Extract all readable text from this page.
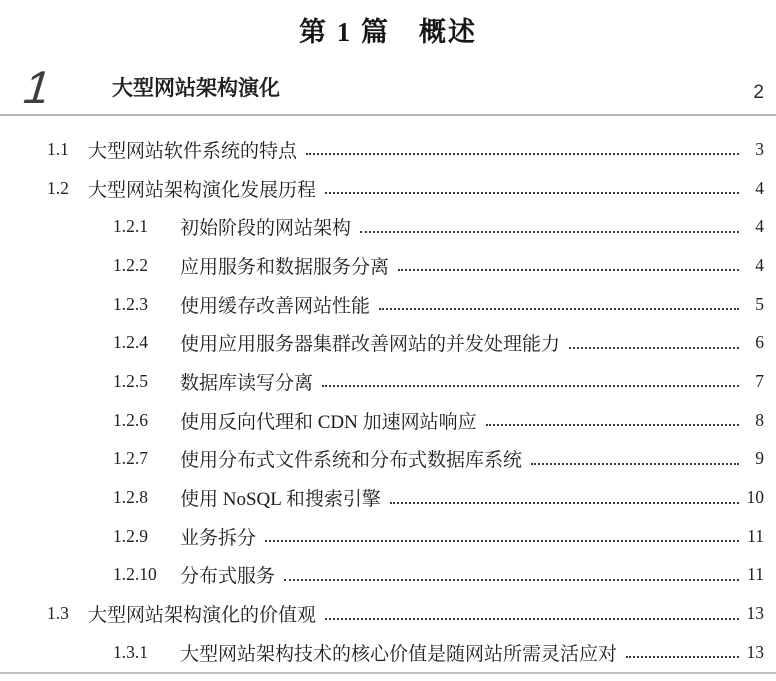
第 1 篇　概述
1	大型网站架构演化	2
1.1	大型网站软件系统的特点	3
1.2	大型网站架构演化发展历程	4
1.2.1	初始阶段的网站架构	4
1.2.2	应用服务和数据服务分离	4
1.2.3	使用缓存改善网站性能	5
1.2.4	使用应用服务器集群改善网站的并发处理能力	6
1.2.5	数据库读写分离	7
1.2.6	使用反向代理和 CDN 加速网站响应	8
1.2.7	使用分布式文件系统和分布式数据库系统	9
1.2.8	使用 NoSQL 和搜索引擎	10
1.2.9	业务拆分	11
1.2.10	分布式服务	11
1.3	大型网站架构演化的价值观	13
1.3.1	大型网站架构技术的核心价值是随网站所需灵活应对	13
